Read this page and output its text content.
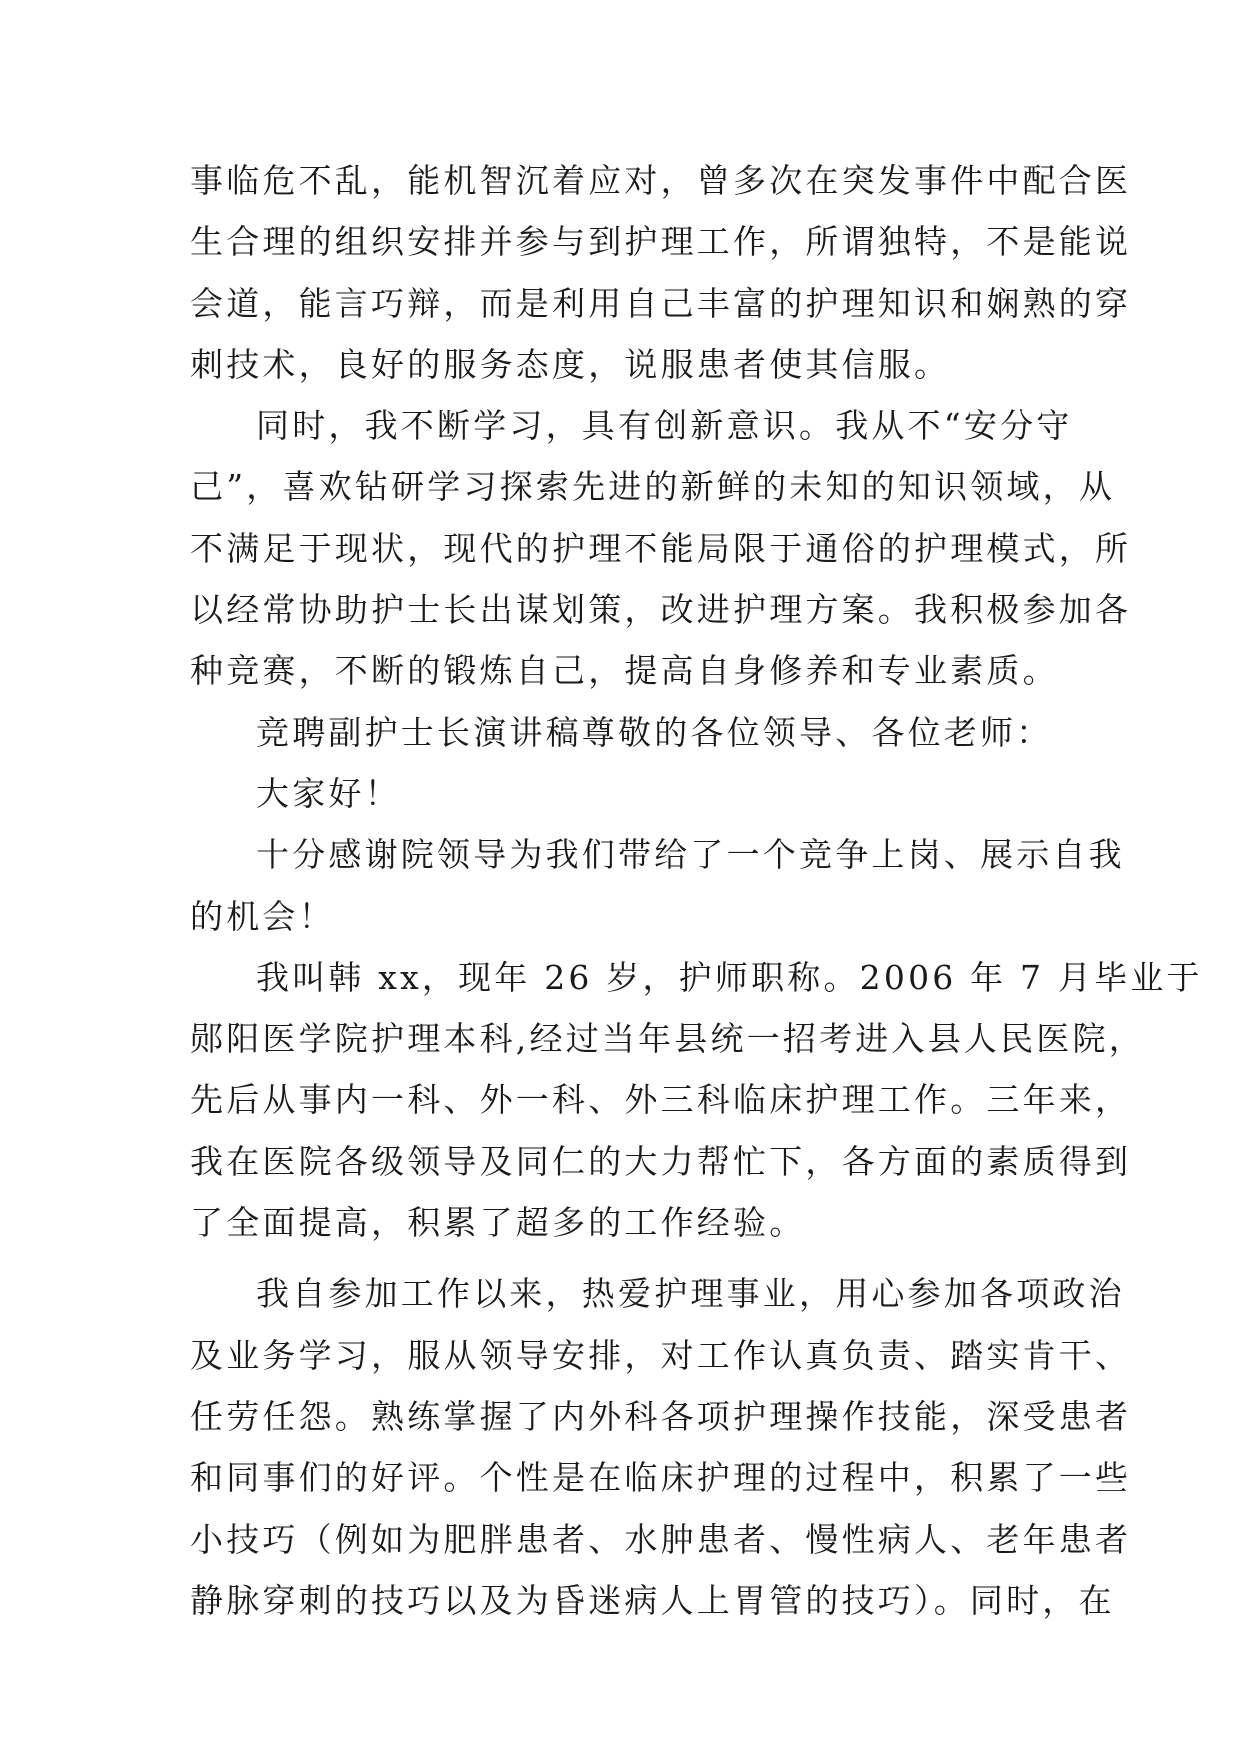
事临危不乱，能机智沉着应对，曾多次在突发事件中配合医
生合理的组织安排并参与到护理工作，所谓独特，不是能说
会道，能言巧辩，而是利用自己丰富的护理知识和娴熟的穿
刺技术，良好的服务态度，说服患者使其信服。
同时，我不断学习，具有创新意识。我从不“安分守
己”，喜欢钻研学习探索先进的新鲜的未知的知识领域，从
不满足于现状，现代的护理不能局限于通俗的护理模式，所
以经常协助护士长出谋划策，改进护理方案。我积极参加各
种竞赛，不断的锻炼自己，提高自身修养和专业素质。
竞聘副护士长演讲稿尊敬的各位领导、各位老师：
大家好！
十分感谢院领导为我们带给了一个竞争上岗、展示自我
的机会！
我叫韩 xx，现年 26 岁，护师职称。2006 年 7 月毕业于
郧阳医学院护理本科,经过当年县统一招考进入县人民医院，
先后从事内一科、外一科、外三科临床护理工作。三年来，
我在医院各级领导及同仁的大力帮忙下，各方面的素质得到
了全面提高，积累了超多的工作经验。
我自参加工作以来，热爱护理事业，用心参加各项政治
及业务学习，服从领导安排，对工作认真负责、踏实肯干、
任劳任怨。熟练掌握了内外科各项护理操作技能，深受患者
和同事们的好评。个性是在临床护理的过程中，积累了一些
小技巧（例如为肥胖患者、水肿患者、慢性病人、老年患者
静脉穿刺的技巧以及为昏迷病人上胃管的技巧）。同时，在
